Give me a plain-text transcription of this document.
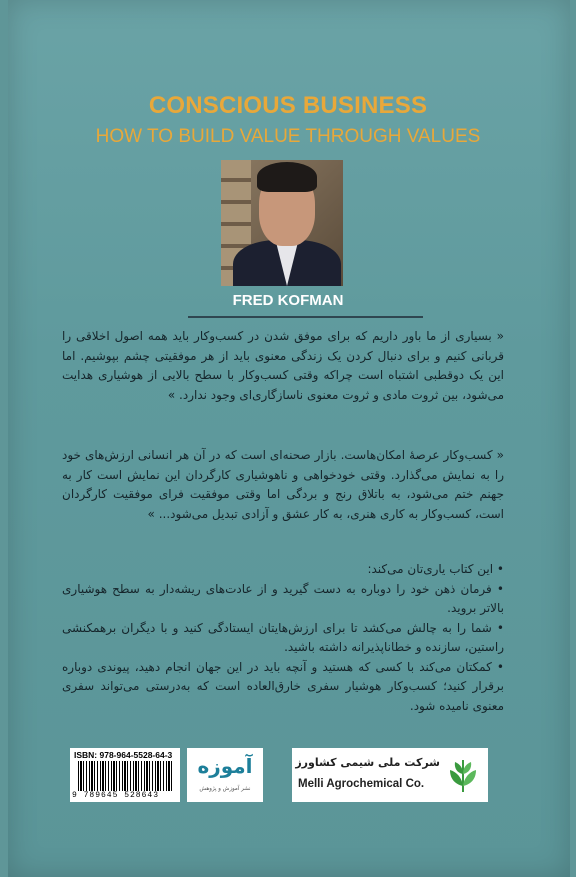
CONSCIOUS BUSINESS
HOW TO BUILD VALUE THROUGH VALUES
FRED KOFMAN
« بسیاری از ما باور داریم که برای موفق شدن در کسب‌وکار باید همه اصول اخلاقی را قربانی کنیم و برای دنبال کردن یک زندگی معنوی باید از هر موفقیتی چشم بپوشیم. اما این یک دوقطبی اشتباه است چراکه وقتی کسب‌وکار با سطح بالایی از هوشیاری هدایت می‌شود، بین ثروت مادی و ثروت معنوی ناسازگاری‌ای وجود ندارد. »
« کسب‌وکار عرصهٔ امکان‌هاست. بازار صحنه‌ای است که در آن هر انسانی ارزش‌های خود را به نمایش می‌گذارد. وقتی خودخواهی و ناهوشیاری کارگردان این نمایش است کار به جهنم ختم می‌شود، به باتلاق رنج و بردگی اما وقتی موفقیت فرای موفقیت کارگردان است، کسب‌وکار به کاری هنری، به کار عشق و آزادی تبدیل می‌شود... »

• این کتاب یاری‌تان می‌کند:

• فرمان ذهن خود را دوباره به دست گیرید و از عادت‌های ریشه‌دار به سطح هوشیاری بالاتر بروید.

• شما را به چالش می‌کشد تا برای ارزش‌هایتان ایستادگی کنید و با دیگران برهمکنشی راستین، سازنده و خطاناپذیرانه داشته باشید.

• کمکتان می‌کند با کسی که هستید و آنچه باید در این جهان انجام دهید، پیوندی دوباره برقرار کنید؛ کسب‌وکار هوشیار سفری خارق‌العاده است که به‌درستی می‌تواند سفری معنوی نامیده شود.

ISBN: 978-964-5528-64-3
9 789645 528643
آموزه
نشر آموزش و پژوهش
شرکت ملی شیمی کشاورز
Melli Agrochemical Co.
